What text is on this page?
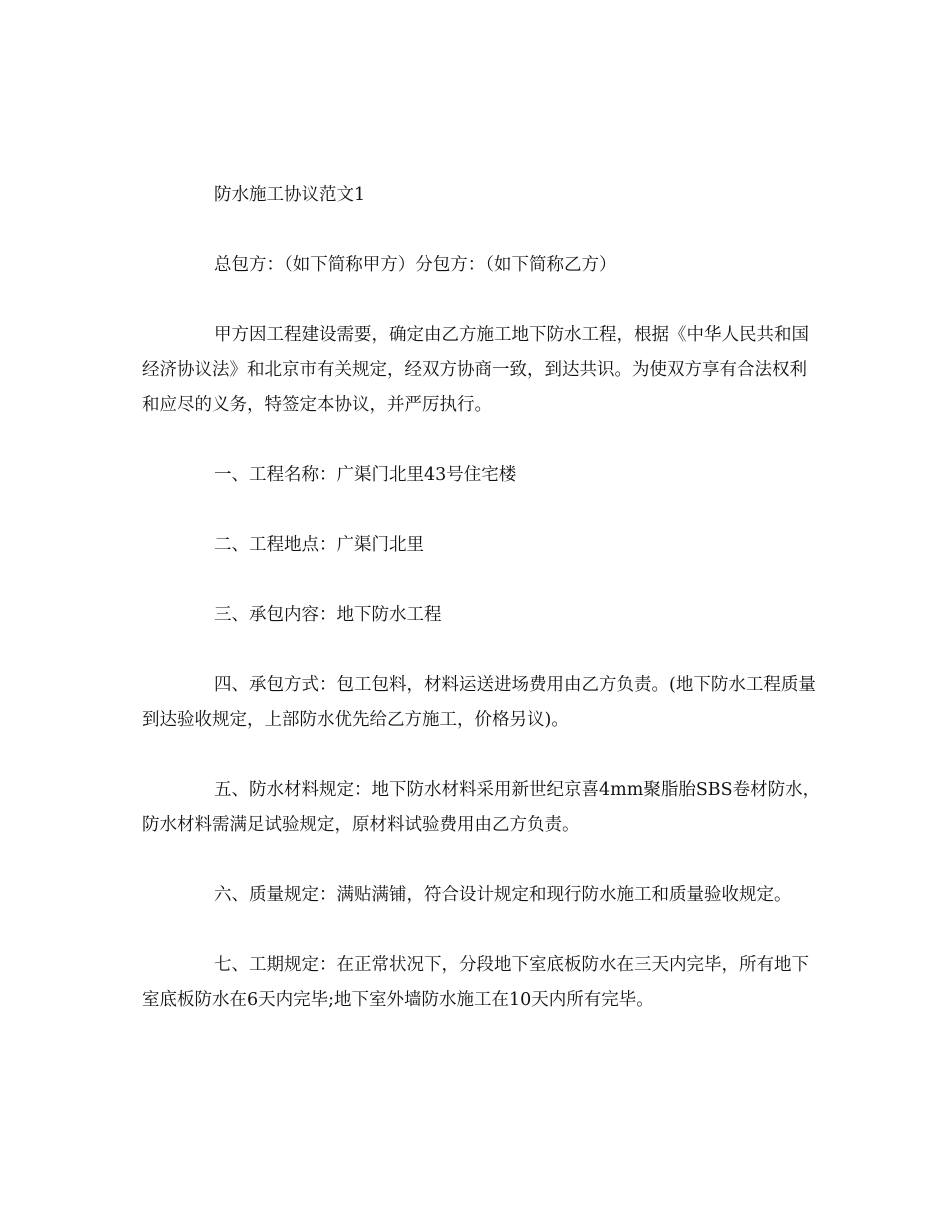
防水施工协议范文1

总包方：（如下简称甲方）分包方：（如下简称乙方）

甲方因工程建设需要，确定由乙方施工地下防水工程，根据《中华人民共和国经济协议法》和北京市有关规定，经双方协商一致，到达共识。为使双方享有合法权利和应尽的义务，特签定本协议，并严厉执行。

一、工程名称：广渠门北里43号住宅楼

二、工程地点：广渠门北里

三、承包内容：地下防水工程

四、承包方式：包工包料，材料运送进场费用由乙方负责。(地下防水工程质量到达验收规定，上部防水优先给乙方施工，价格另议)。

五、防水材料规定：地下防水材料采用新世纪京喜4mm聚脂胎SBS卷材防水，防水材料需满足试验规定，原材料试验费用由乙方负责。

六、质量规定：满贴满铺，符合设计规定和现行防水施工和质量验收规定。

七、工期规定：在正常状况下，分段地下室底板防水在三天内完毕，所有地下室底板防水在6天内完毕;地下室外墙防水施工在10天内所有完毕。
